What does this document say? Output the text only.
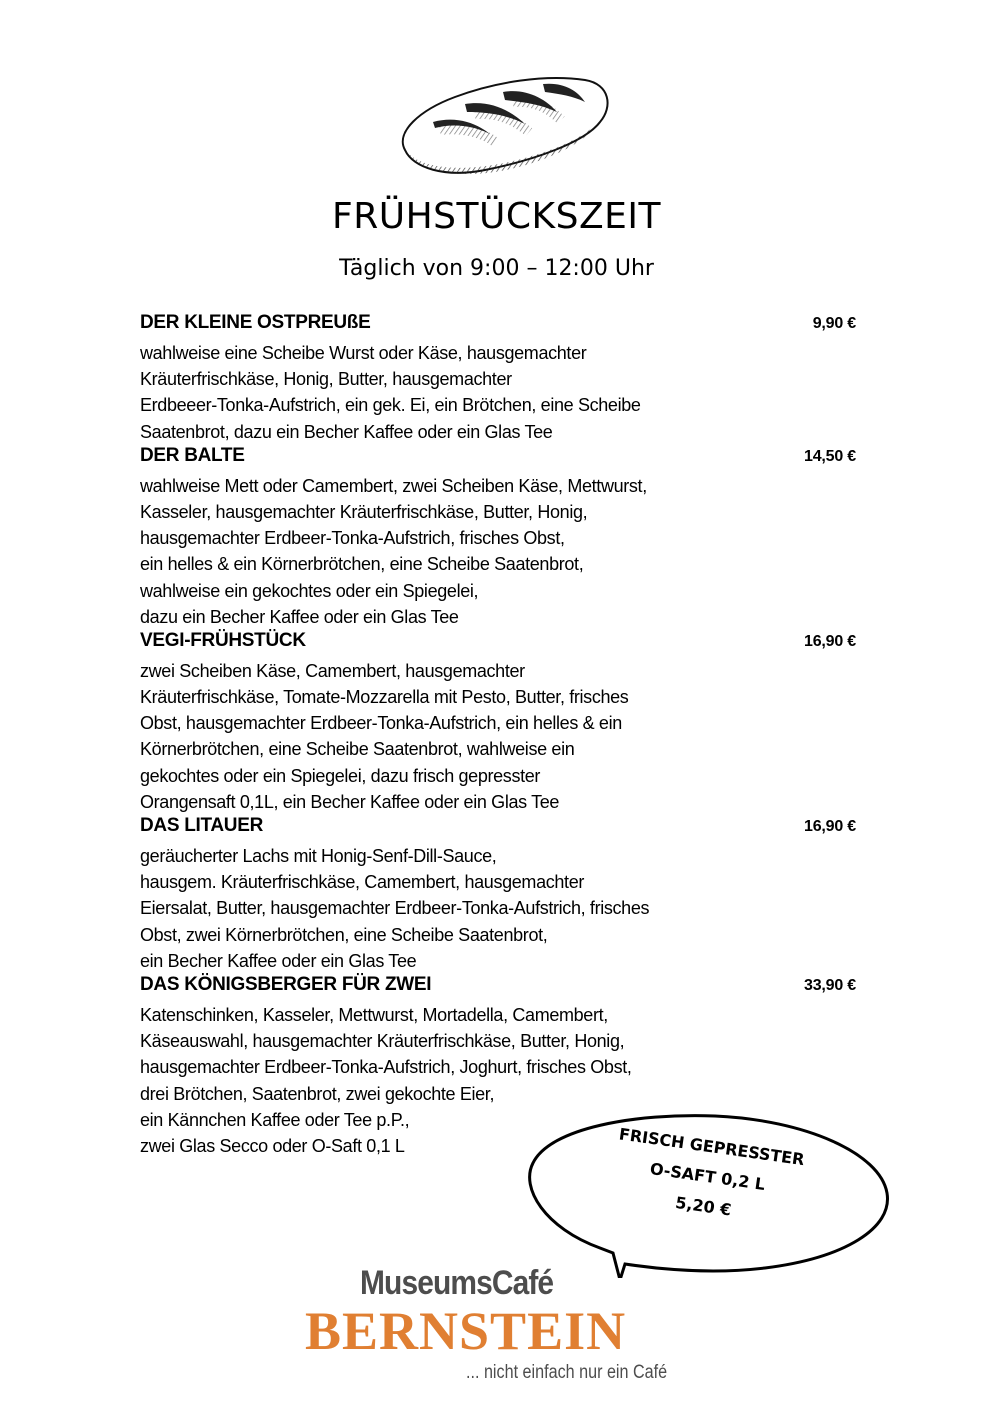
FRÜHSTÜCKSZEIT
Täglich von 9:00 – 12:00 Uhr
DER KLEINE OSTPREUßE	9,90 €
wahlweise eine Scheibe Wurst oder Käse, hausgemachter
Kräuterfrischkäse, Honig, Butter, hausgemachter
Erdbeeer-Tonka-Aufstrich, ein gek. Ei, ein Brötchen, eine Scheibe
Saatenbrot, dazu ein Becher Kaffee oder ein Glas Tee
DER BALTE	14,50 €
wahlweise Mett oder Camembert, zwei Scheiben Käse, Mettwurst,
Kasseler, hausgemachter Kräuterfrischkäse, Butter, Honig,
hausgemachter Erdbeer-Tonka-Aufstrich, frisches Obst,
ein helles & ein Körnerbrötchen, eine Scheibe Saatenbrot,
wahlweise ein gekochtes oder ein Spiegelei,
dazu ein Becher Kaffee oder ein Glas Tee
VEGI-FRÜHSTÜCK	16,90 €
zwei Scheiben Käse, Camembert, hausgemachter
Kräuterfrischkäse, Tomate-Mozzarella mit Pesto, Butter, frisches
Obst, hausgemachter Erdbeer-Tonka-Aufstrich, ein helles & ein
Körnerbrötchen, eine Scheibe Saatenbrot, wahlweise ein
gekochtes oder ein Spiegelei, dazu frisch gepresster
Orangensaft 0,1L, ein Becher Kaffee oder ein Glas Tee
DAS LITAUER	16,90 €
geräucherter Lachs mit Honig-Senf-Dill-Sauce,
hausgem. Kräuterfrischkäse, Camembert, hausgemachter
Eiersalat, Butter, hausgemachter Erdbeer-Tonka-Aufstrich, frisches
Obst, zwei Körnerbrötchen, eine Scheibe Saatenbrot,
ein Becher Kaffee oder ein Glas Tee
DAS KÖNIGSBERGER FÜR ZWEI	33,90 €
Katenschinken, Kasseler, Mettwurst, Mortadella, Camembert,
Käseauswahl, hausgemachter Kräuterfrischkäse, Butter, Honig,
hausgemachter Erdbeer-Tonka-Aufstrich, Joghurt, frisches Obst,
drei Brötchen, Saatenbrot, zwei gekochte Eier,
ein Kännchen Kaffee oder Tee p.P.,
zwei Glas Secco oder O-Saft 0,1 L	FRISCH GEPRESSTER
O-SAFT 0,2 L
5,20 €
MuseumsCafé
BERNSTEIN
... nicht einfach nur ein Café
